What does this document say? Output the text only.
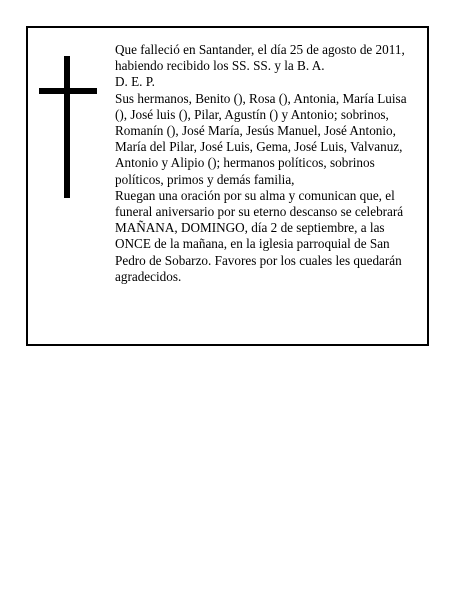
Que falleció en Santander, el día 25 de agosto de 2011, habiendo recibido los SS. SS. y la B. A.

D. E. P.

Sus hermanos, Benito (), Rosa (), Antonia, María Luisa (), José luis (), Pilar, Agustín () y Antonio; sobrinos, Romanín (), José María, Jesús Manuel, José Antonio, María del Pilar, José Luis, Gema, José Luis, Valvanuz, Antonio y Alipio (); hermanos políticos, sobrinos políticos, primos y demás familia,

Ruegan una oración por su alma y comunican que, el funeral aniversario por su eterno descanso se celebrará MAÑANA, DOMINGO, día 2 de septiembre, a las ONCE de la mañana, en la iglesia parroquial de San Pedro de Sobarzo. Favores por los cuales les quedarán agradecidos.
